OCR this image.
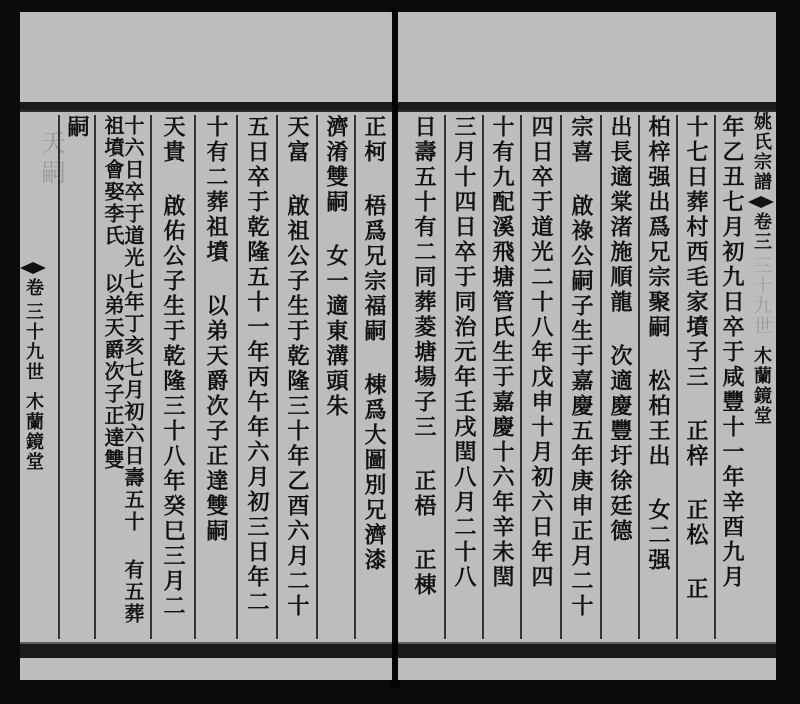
天嗣
卷
三十九世
木蘭鏡堂
嗣	十六日卒于道光七年丁亥七月初六日壽五十 有五葬祖墳會娶李氏 以弟天爵次子正達雙	天貴 啟佑公子生于乾隆三十八年癸巳三月二 十有二葬祖墳 以弟天爵次子正達雙嗣 五日卒于乾隆五十一年丙午年六月初三日年二 天富 啟祖公子生于乾隆三十年乙酉六月二十 濟淆雙嗣 女一適東溝頭朱 正柯 梧爲兄宗福嗣 棟爲大圖別兄濟漆 日壽五十有二同葬菱塘場子三 正梧 正棟 三月十四日卒于同治元年壬戌閏八月二十八 十有九配溪飛塘管氏生于嘉慶十六年辛未閏 四日卒于道光二十八年戊申十月初六日年四 宗喜 啟祿公嗣子生于嘉慶五年庚申正月二十 出長適棠渚施順龍 次適慶豐圩徐廷德 柏梓强出爲兄宗聚嗣 松柏王出 女二强 十七日葬村西毛家墳子三 正梓 正松 正 年乙丑七月初九日卒于咸豐十一年辛酉九月 姚氏宗譜
卷三
三十九世
木蘭鏡堂
